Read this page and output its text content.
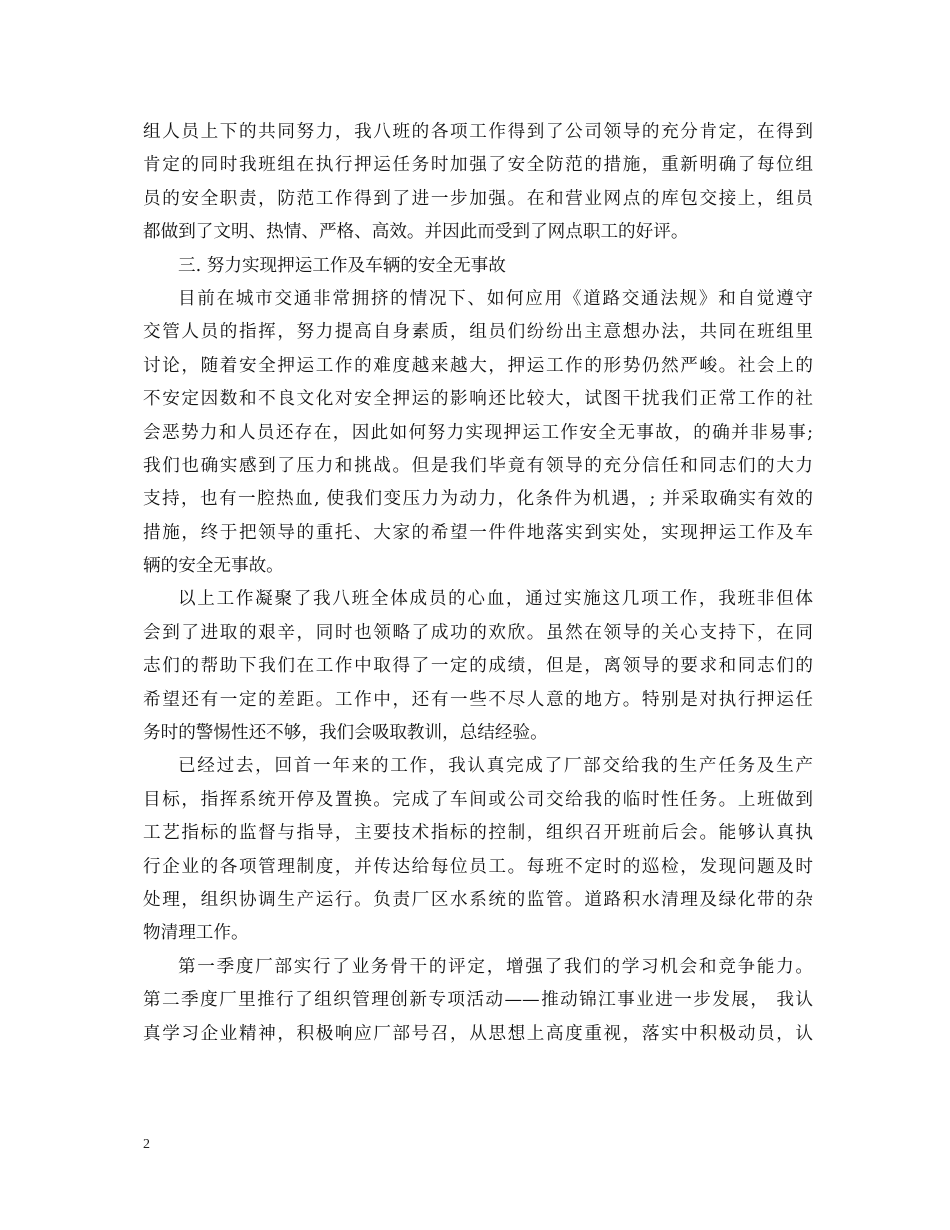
组人员上下的共同努力，我八班的各项工作得到了公司领导的充分肯定，在得到
肯定的同时我班组在执行押运任务时加强了安全防范的措施，重新明确了每位组
员的安全职责，防范工作得到了进一步加强。在和营业网点的库包交接上，组员
都做到了文明、热情、严格、高效。并因此而受到了网点职工的好评。
三. 努力实现押运工作及车辆的安全无事故
目前在城市交通非常拥挤的情况下、如何应用《道路交通法规》和自觉遵守
交管人员的指挥，努力提高自身素质，组员们纷纷出主意想办法，共同在班组里
讨论，随着安全押运工作的难度越来越大，押运工作的形势仍然严峻。社会上的
不安定因数和不良文化对安全押运的影响还比较大，试图干扰我们正常工作的社
会恶势力和人员还存在，因此如何努力实现押运工作安全无事故，的确并非易事;
我们也确实感到了压力和挑战。但是我们毕竟有领导的充分信任和同志们的大力
支持，也有一腔热血, 使我们变压力为动力，化条件为机遇，; 并采取确实有效的
措施，终于把领导的重托、大家的希望一件件地落实到实处，实现押运工作及车
辆的安全无事故。
以上工作凝聚了我八班全体成员的心血，通过实施这几项工作，我班非但体
会到了进取的艰辛，同时也领略了成功的欢欣。虽然在领导的关心支持下，在同
志们的帮助下我们在工作中取得了一定的成绩，但是，离领导的要求和同志们的
希望还有一定的差距。工作中，还有一些不尽人意的地方。特别是对执行押运任
务时的警惕性还不够，我们会吸取教训，总结经验。
已经过去，回首一年来的工作，我认真完成了厂部交给我的生产任务及生产
目标，指挥系统开停及置换。完成了车间或公司交给我的临时性任务。上班做到
工艺指标的监督与指导，主要技术指标的控制，组织召开班前后会。能够认真执
行企业的各项管理制度，并传达给每位员工。每班不定时的巡检，发现问题及时
处理，组织协调生产运行。负责厂区水系统的监管。道路积水清理及绿化带的杂
物清理工作。
第一季度厂部实行了业务骨干的评定，增强了我们的学习机会和竞争能力。
第二季度厂里推行了组织管理创新专项活动——推动锦江事业进一步发展， 我认
真学习企业精神，积极响应厂部号召，从思想上高度重视，落实中积极动员，认
2
